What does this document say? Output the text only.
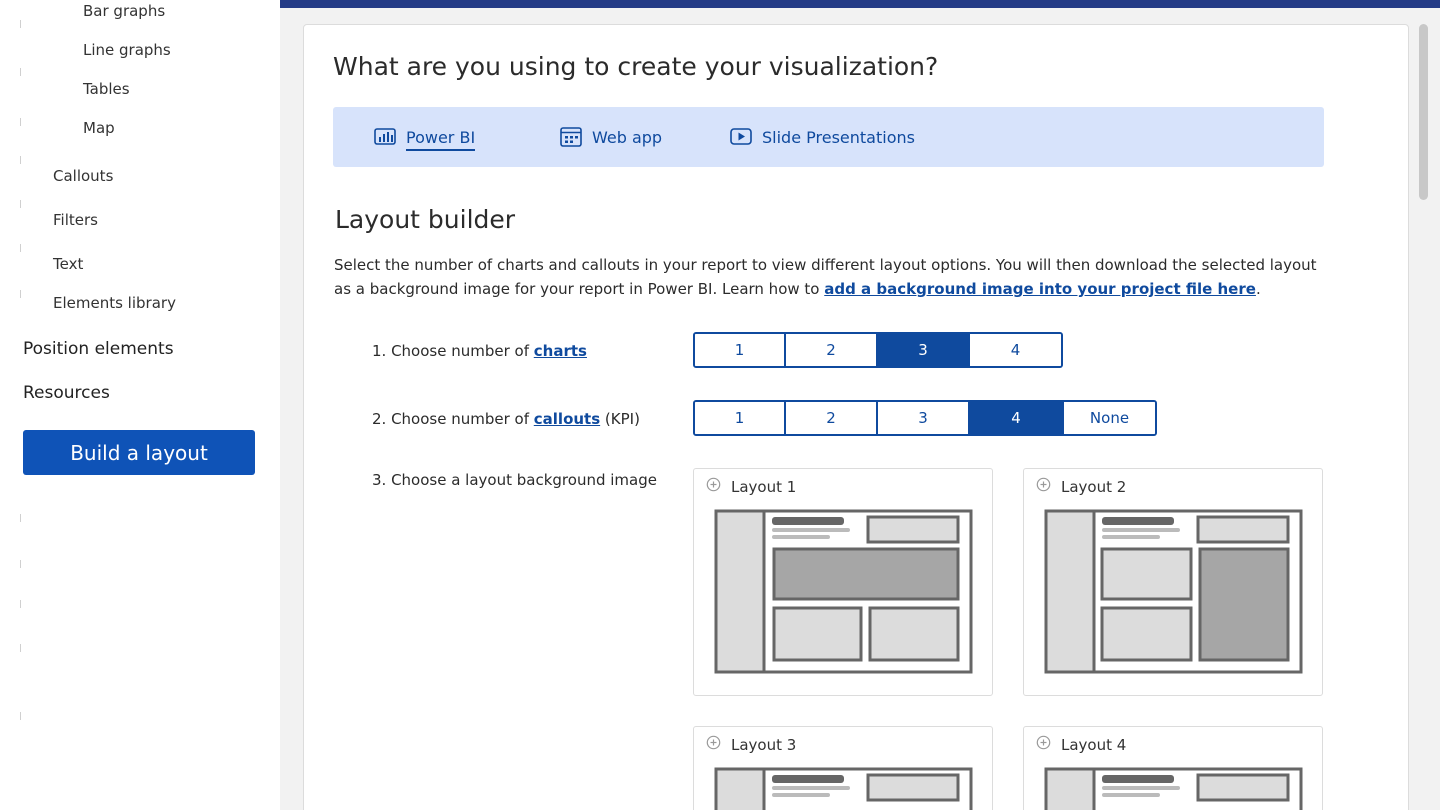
Bar graphs
Line graphs
Tables
Map
Callouts
Filters
Text
Elements library
Position elements
Resources
Build a layout
What are you using to create your visualization?
Power BI	Web app	Slide Presentations
Layout builder
Select the number of charts and callouts in your report to view different layout options. You will then download the selected layout as a background image for your report in Power BI. Learn how to add a background image into your project file here.
1. Choose number of charts	1	2	3	4
2. Choose number of callouts (KPI)	1	2	3	4	None
3. Choose a layout background image	Layout 1	Layout 2
Layout 3	Layout 4
